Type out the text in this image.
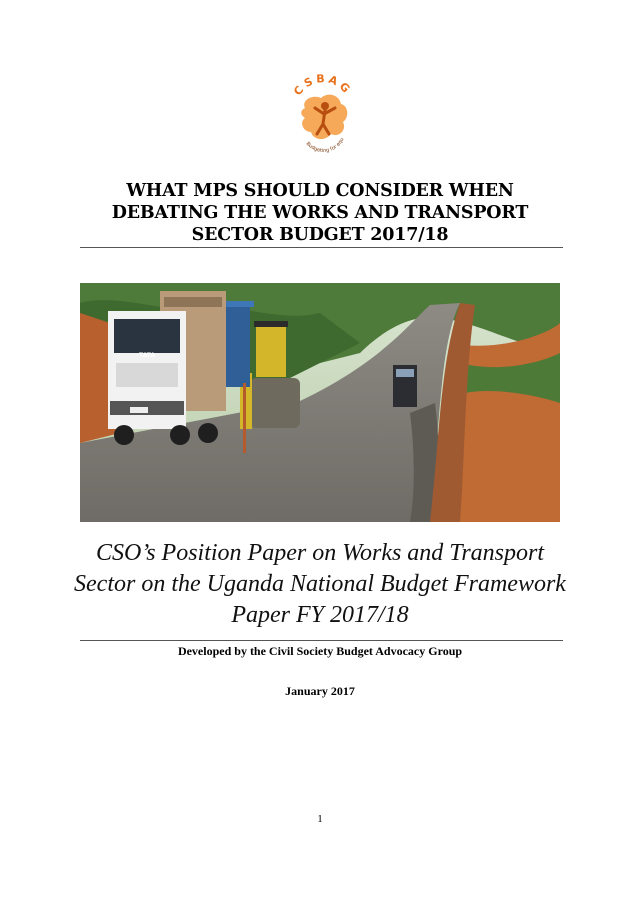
CSBAG
Budgeting for equ
WHAT MPS SHOULD CONSIDER WHEN
DEBATING THE WORKS AND TRANSPORT
SECTOR BUDGET 2017/18
TATA
CSO’s Position Paper on Works and Transport
Sector on the Uganda National Budget Framework
Paper FY 2017/18
Developed by the Civil Society Budget Advocacy Group
January 2017
1
